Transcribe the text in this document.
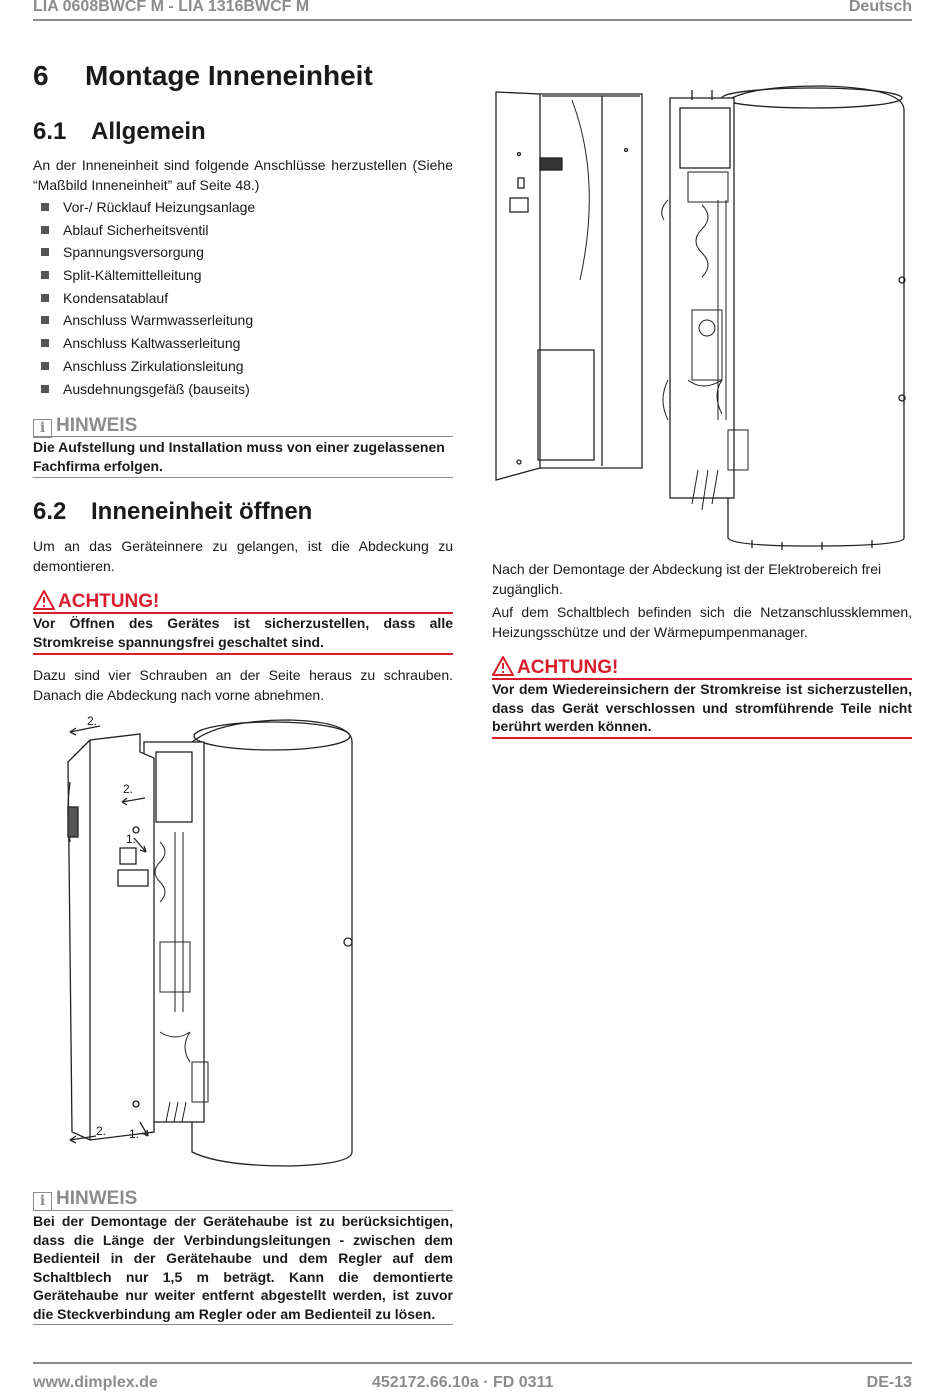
LIA 0608BWCF M - LIA 1316BWCF M	Deutsch
6 Montage Inneneinheit
6.1 Allgemein

An der Inneneinheit sind folgende Anschlüsse herzustellen (Siehe “Maßbild Inneneinheit” auf Seite 48.)

Vor-/ Rücklauf Heizungsanlage
Ablauf Sicherheitsventil
Spannungsversorgung
Split-Kältemittelleitung
Kondensatablauf
Anschluss Warmwasserleitung
Anschluss Kaltwasserleitung
Anschluss Zirkulationsleitung
Ausdehnungsgefäß (bauseits)
i HINWEIS

Die Aufstellung und Installation muss von einer zugelassenen Fachfirma erfolgen.

6.2 Inneneinheit öffnen

Um an das Geräteinnere zu gelangen, ist die Abdeckung zu demontieren.

ACHTUNG!

Vor Öffnen des Gerätes ist sicherzustellen, dass alle Stromkreise spannungsfrei geschaltet sind.

Dazu sind vier Schrauben an der Seite heraus zu schrauben. Danach die Abdeckung nach vorne abnehmen.

2.
2.
1.
2. 1.
i HINWEIS

Bei der Demontage der Gerätehaube ist zu berücksichtigen, dass die Länge der Verbindungsleitungen - zwischen dem Bedienteil in der Gerätehaube und dem Regler auf dem Schaltblech nur 1,5 m beträgt. Kann die demontierte Gerätehaube nur weiter entfernt abgestellt werden, ist zuvor die Steckverbindung am Regler oder am Bedienteil zu lösen.

Nach der Demontage der Abdeckung ist der Elektrobereich frei zugänglich.

Auf dem Schaltblech befinden sich die Netzanschlussklemmen, Heizungsschütze und der Wärmepumpenmanager.

ACHTUNG!

Vor dem Wiedereinsichern der Stromkreise ist sicherzustellen, dass das Gerät verschlossen und stromführende Teile nicht berührt werden können.

www.dimplex.de	452172.66.10a · FD 0311	DE-13
